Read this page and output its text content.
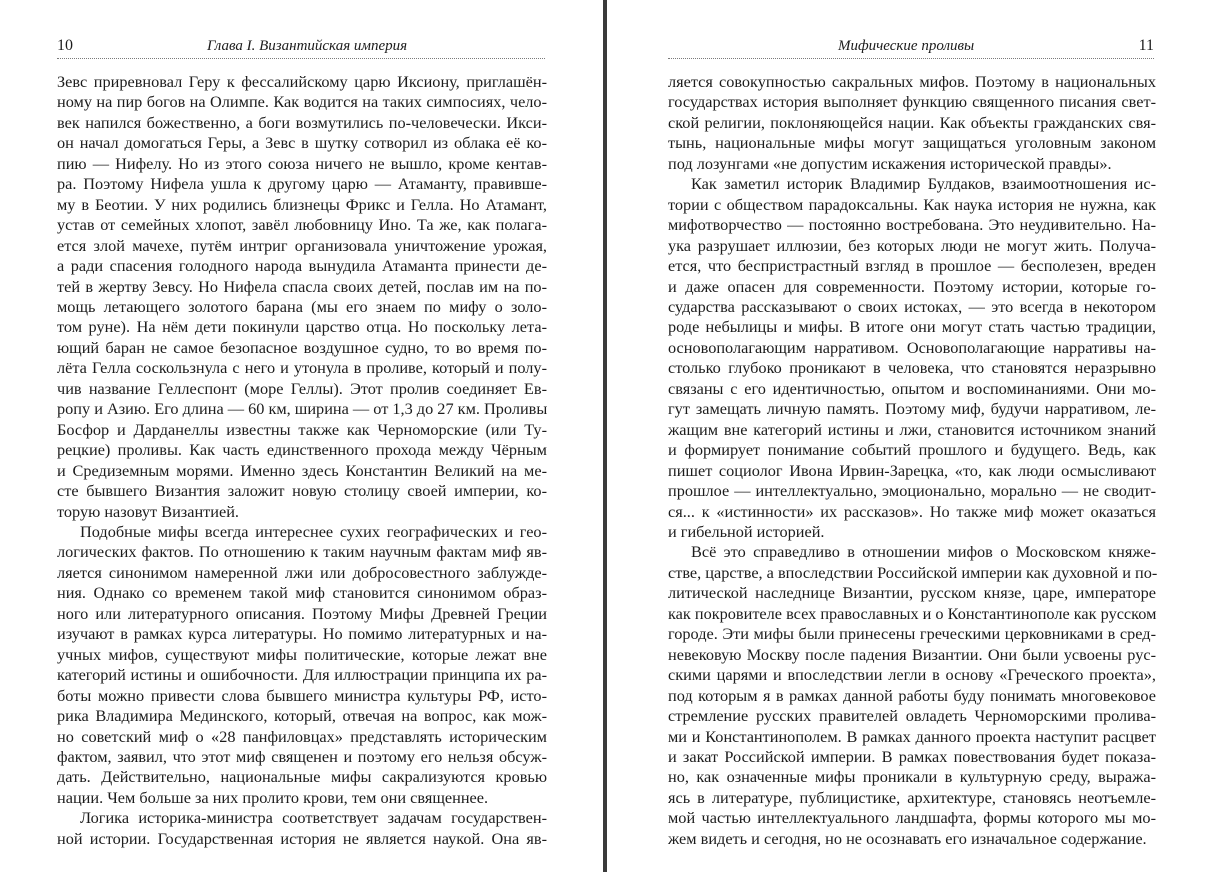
10	Глава I. Византийская империя
Зевс приревновал Геру к фессалийскому царю Иксиону, приглашён-
ному на пир богов на Олимпе. Как водится на таких симпосиях, чело-
век напился божественно, а боги возмутились по-человечески. Икси-
он начал домогаться Геры, а Зевс в шутку сотворил из облака её ко-
пию — Нифелу. Но из этого союза ничего не вышло, кроме кентав-
ра. Поэтому Нифела ушла к другому царю — Атаманту, правивше-
му в Беотии. У них родились близнецы Фрикс и Гелла. Но Атамант,
устав от семейных хлопот, завёл любовницу Ино. Та же, как полага-
ется злой мачехе, путём интриг организовала уничтожение урожая,
а ради спасения голодного народа вынудила Атаманта принести де-
тей в жертву Зевсу. Но Нифела спасла своих детей, послав им на по-
мощь летающего золотого барана (мы его знаем по мифу о золо-
том руне). На нём дети покинули царство отца. Но поскольку лета-
ющий баран не самое безопасное воздушное судно, то во время по-
лёта Гелла соскользнула с него и утонула в проливе, который и полу-
чив название Геллеспонт (море Геллы). Этот пролив соединяет Ев-
ропу и Азию. Его длина — 60 км, ширина — от 1,3 до 27 км. Проливы
Босфор и Дарданеллы известны также как Черноморские (или Ту-
рецкие) проливы. Как часть единственного прохода между Чёрным
и Средиземным морями. Именно здесь Константин Великий на ме-
сте бывшего Византия заложит новую столицу своей империи, ко-
торую назовут Византией.
Подобные мифы всегда интереснее сухих географических и гео-
логических фактов. По отношению к таким научным фактам миф яв-
ляется синонимом намеренной лжи или добросовестного заблужде-
ния. Однако со временем такой миф становится синонимом образ-
ного или литературного описания. Поэтому Мифы Древней Греции
изучают в рамках курса литературы. Но помимо литературных и на-
учных мифов, существуют мифы политические, которые лежат вне
категорий истины и ошибочности. Для иллюстрации принципа их ра-
боты можно привести слова бывшего министра культуры РФ, исто-
рика Владимира Мединского, который, отвечая на вопрос, как мож-
но советский миф о «28 панфиловцах» представлять историческим
фактом, заявил, что этот миф священен и поэтому его нельзя обсуж-
дать. Действительно, национальные мифы сакрализуются кровью
нации. Чем больше за них пролито крови, тем они священнее.
Логика историка-министра соответствует задачам государствен-
ной истории. Государственная история не является наукой. Она яв-
Мифические проливы	11
ляется совокупностью сакральных мифов. Поэтому в национальных
государствах история выполняет функцию священного писания свет-
ской религии, поклоняющейся нации. Как объекты гражданских свя-
тынь, национальные мифы могут защищаться уголовным законом
под лозунгами «не допустим искажения исторической правды».
Как заметил историк Владимир Булдаков, взаимоотношения ис-
тории с обществом парадоксальны. Как наука история не нужна, как
мифотворчество — постоянно востребована. Это неудивительно. На-
ука разрушает иллюзии, без которых люди не могут жить. Получа-
ется, что беспристрастный взгляд в прошлое — бесполезен, вреден
и даже опасен для современности. Поэтому истории, которые го-
сударства рассказывают о своих истоках, — это всегда в некотором
роде небылицы и мифы. В итоге они могут стать частью традиции,
основополагающим нарративом. Основополагающие нарративы на-
столько глубоко проникают в человека, что становятся неразрывно
связаны с его идентичностью, опытом и воспоминаниями. Они мо-
гут замещать личную память. Поэтому миф, будучи нарративом, ле-
жащим вне категорий истины и лжи, становится источником знаний
и формирует понимание событий прошлого и будущего. Ведь, как
пишет социолог Ивона Ирвин-Зарецка, «то, как люди осмысливают
прошлое — интеллектуально, эмоционально, морально — не сводит-
ся... к «истинности» их рассказов». Но также миф может оказаться
и гибельной историей.
Всё это справедливо в отношении мифов о Московском княже-
стве, царстве, а впоследствии Российской империи как духовной и по-
литической наследнице Византии, русском князе, царе, императоре
как покровителе всех православных и о Константинополе как русском
городе. Эти мифы были принесены греческими церковниками в сред-
невековую Москву после падения Византии. Они были усвоены рус-
скими царями и впоследствии легли в основу «Греческого проекта»,
под которым я в рамках данной работы буду понимать многовековое
стремление русских правителей овладеть Черноморскими пролива-
ми и Константинополем. В рамках данного проекта наступит расцвет
и закат Российской империи. В рамках повествования будет показа-
но, как означенные мифы проникали в культурную среду, выража-
ясь в литературе, публицистике, архитектуре, становясь неотъемле-
мой частью интеллектуального ландшафта, формы которого мы мо-
жем видеть и сегодня, но не осознавать его изначальное содержание.
